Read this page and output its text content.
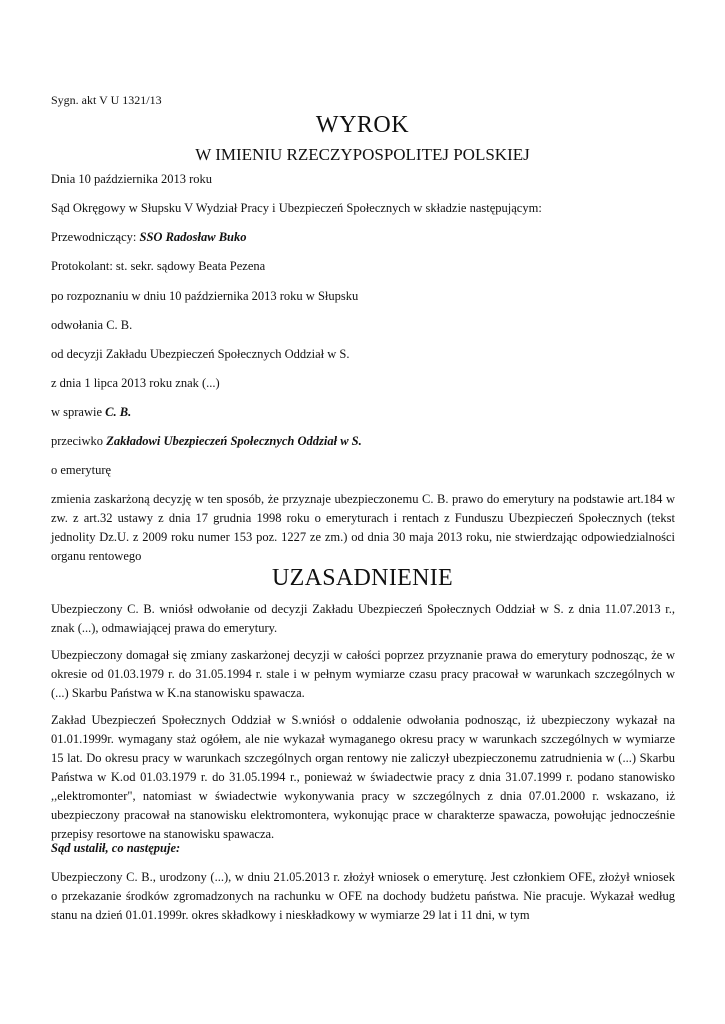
Sygn. akt V U 1321/13
WYROK
W IMIENIU RZECZYPOSPOLITEJ POLSKIEJ
Dnia 10 października 2013 roku
Sąd Okręgowy w Słupsku V Wydział Pracy i Ubezpieczeń Społecznych w składzie następującym:
Przewodniczący: SSO Radosław Buko
Protokolant: st. sekr. sądowy Beata Pezena
po rozpoznaniu w dniu 10 października 2013 roku w Słupsku
odwołania C. B.
od decyzji Zakładu Ubezpieczeń Społecznych Oddział w S.
z dnia 1 lipca 2013 roku znak (...)
w sprawie C. B.
przeciwko Zakładowi Ubezpieczeń Społecznych Oddział w S.
o emeryturę
zmienia zaskarżoną decyzję w ten sposób, że przyznaje ubezpieczonemu C. B. prawo do emerytury na podstawie art.184 w zw. z art.32 ustawy z dnia 17 grudnia 1998 roku o emeryturach i rentach z Funduszu Ubezpieczeń Społecznych (tekst jednolity Dz.U. z 2009 roku numer 153 poz. 1227 ze zm.) od dnia 30 maja 2013 roku, nie stwierdzając odpowiedzialności organu rentowego
UZASADNIENIE
Ubezpieczony C. B. wniósł odwołanie od decyzji Zakładu Ubezpieczeń Społecznych Oddział w S. z dnia 11.07.2013 r., znak (...), odmawiającej prawa do emerytury.
Ubezpieczony domagał się zmiany zaskarżonej decyzji w całości poprzez przyznanie prawa do emerytury podnosząc, że w okresie od 01.03.1979 r. do 31.05.1994 r. stale i w pełnym wymiarze czasu pracy pracował w warunkach szczególnych w (...) Skarbu Państwa w K.na stanowisku spawacza.
Zakład Ubezpieczeń Społecznych Oddział w S.wniósł o oddalenie odwołania podnosząc, iż ubezpieczony wykazał na 01.01.1999r. wymagany staż ogółem, ale nie wykazał wymaganego okresu pracy w warunkach szczególnych w wymiarze 15 lat. Do okresu pracy w warunkach szczególnych organ rentowy nie zaliczył ubezpieczonemu zatrudnienia w (...) Skarbu Państwa w K.od 01.03.1979 r. do 31.05.1994 r., ponieważ w świadectwie pracy z dnia 31.07.1999 r. podano stanowisko ,,elektromonter", natomiast w świadectwie wykonywania pracy w szczególnych z dnia 07.01.2000 r. wskazano, iż ubezpieczony pracował na stanowisku elektromontera, wykonując prace w charakterze spawacza, powołując jednocześnie przepisy resortowe na stanowisku spawacza.
Sąd ustalił, co następuje:
Ubezpieczony C. B., urodzony (...), w dniu 21.05.2013 r. złożył wniosek o emeryturę. Jest członkiem OFE, złożył wniosek o przekazanie środków zgromadzonych na rachunku w OFE na dochody budżetu państwa. Nie pracuje. Wykazał według stanu na dzień 01.01.1999r. okres składkowy i nieskładkowy w wymiarze 29 lat i 11 dni, w tym
